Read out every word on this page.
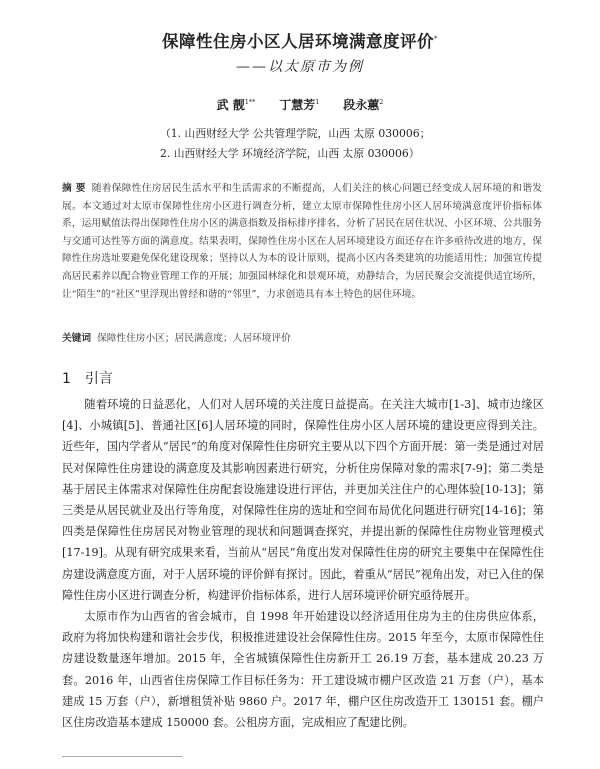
保障性住房小区人居环境满意度评价*
——以太原市为例
武 靓$^{1**}$ 丁慧芳$^1$ 段永蕙$^2$
（1. 山西财经大学 公共管理学院，山西 太原 030006；
2. 山西财经大学 环境经济学院，山西 太原 030006）
摘 要 随着保障性住房居民生活水平和生活需求的不断提高，人们关注的核心问题已经变成人居环境的和谐发展。本文通过对太原市保障性住房小区进行调查分析，建立太原市保障性住房小区人居环境满意度评价指标体系，运用赋值法得出保障性住房小区的满意指数及指标排序排名，分析了居民在居住状况、小区环境、公共服务与交通可达性等方面的满意度。结果表明，保障性住房小区在人居环境建设方面还存在许多亟待改进的地方，保障性住房选址要避免保化建设现象；坚持以人为本的设计原则，提高小区内各类建筑的功能适用性；加强宣传提高居民素养以配合物业管理工作的开展；加强园林绿化和景观环境，劝静结合，为居民聚会交流提供适宜场所，让“陌生”的“社区”里浮现出曾经和谐的“邻里”，力求创造具有本土特色的居住环境。
关键词 保障性住房小区；居民满意度；人居环境评价
1 引言

随着环境的日益恶化，人们对人居环境的关注度日益提高。在关注大城市[1-3]、城市边缘区[4]、小城镇[5]、普通社区[6]人居环境的同时，保障性住房小区人居环境的建设更应得到关注。近些年，国内学者从“居民”的角度对保障性住房研究主要从以下四个方面开展：第一类是通过对居民对保障性住房建设的满意度及其影响因素进行研究，分析住房保障对象的需求[7-9]；第二类是基于居民主体需求对保障性住房配套设施建设进行评估，并更加关注住户的心理体验[10-13]；第三类是从居民就业及出行等角度，对保障性住房的选址和空间布局优化问题进行研究[14-16]；第四类是保障性住房居民对物业管理的现状和问题调查探究，并提出新的保障性住房物业管理模式[17-19]。从现有研究成果来看，当前从“居民”角度出发对保障性住房的研究主要集中在保障性住房建设满意度方面，对于人居环境的评价鲜有探讨。因此，着重从“居民”视角出发，对已入住的保障性住房小区进行调查分析，构建评价指标体系，进行人居环境评价研究亟待展开。

太原市作为山西省的省会城市，自 1998 年开始建设以经济适用住房为主的住房供应体系，政府为将加快构建和谐社会步伐，积极推进建设社会保障性住房。2015 年至今，太原市保障性住房建设数量逐年增加。2015 年，全省城镇保障性住房新开工 26.19 万套，基本建成 20.23 万套。2016 年，山西省住房保障工作目标任务为：开工建设城市棚户区改造 21 万套（户），基本建成 15 万套（户），新增租赁补贴 9860 户。2017 年，棚户区住房改造开工 130151 套。棚户区住房改造基本建成 150000 套。公租房方面，完成相应了配建比例。
